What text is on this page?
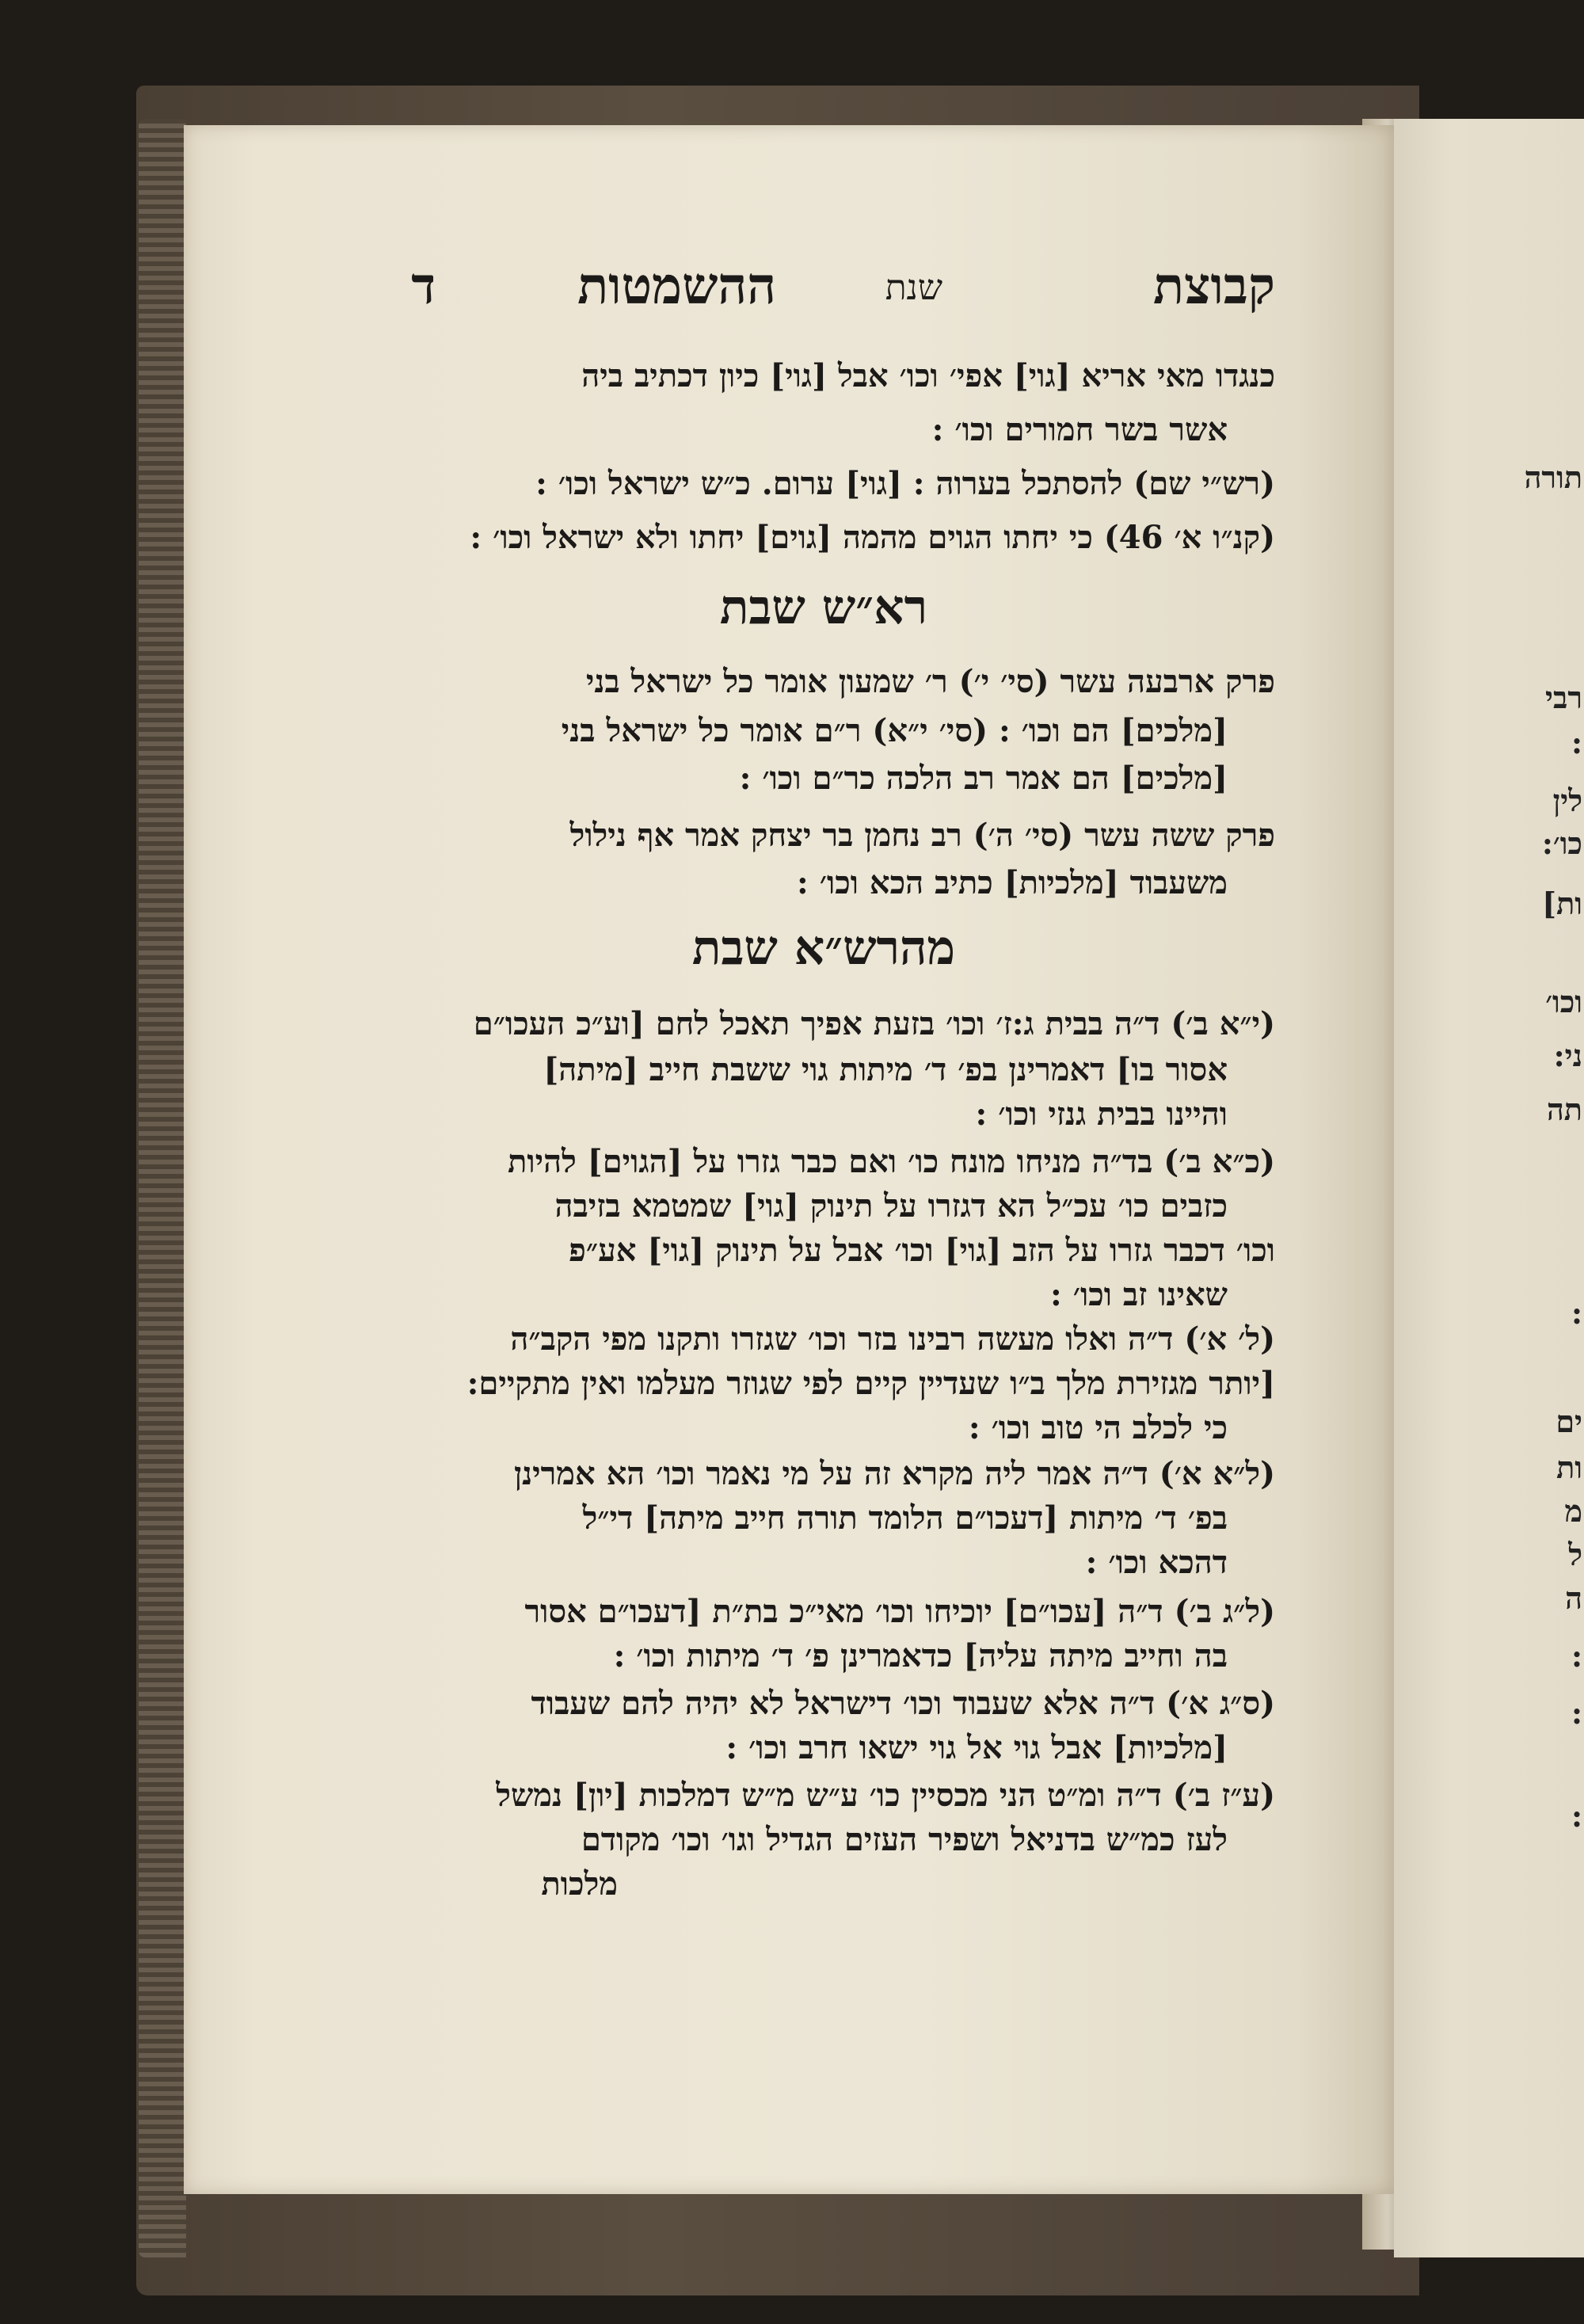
תורה
רבי
:
לין
כו׳:
ות]
וכו׳
ני:
תה
:
ים
ות
מ
ל
ה
:
:
:
קבוצת
שנת
ההשמטות
ד
כנגדו מאי אריא [גוי] אפי׳ וכו׳ אבל [גוי] כיון דכתיב ביה
אשר בשר חמורים וכו׳ :
(רש״י שם) להסתכל בערוה : [גוי] ערום. כ״ש ישראל וכו׳ :
(קנ״ו א׳ 46) כי יחתו הגוים מהמה [גוים] יחתו ולא ישראל וכו׳ :
רא״ש שבת
פרק ארבעה עשר (סי׳ י׳) ר׳ שמעון אומר כל ישראל בני
[מלכים] הם וכו׳ : (סי׳ י״א) ר״ם אומר כל ישראל בני
[מלכים] הם אמר רב הלכה כר״ם וכו׳ :
פרק ששה עשר (סי׳ ה׳) רב נחמן בר יצחק אמר אף נילול
משעבוד [מלכיות] כתיב הכא וכו׳ :
מהרש״א שבת
(י״א ב׳) ד״ה בבית ג:ז׳ וכו׳ בזעת אפיך תאכל לחם [וע״כ העכו״ם
אסור בו] דאמרינן בפ׳ ד׳ מיתות גוי ששבת חייב [מיתה]
והיינו בבית גנזי וכו׳ :
(כ״א ב׳) בד״ה מניחו מונח כו׳ ואם כבר גזרו על [הגוים] להיות
כזבים כו׳ עכ״ל הא דגזרו על תינוק [גוי] שמטמא בזיבה
וכו׳ דכבר גזרו על הזב [גוי] וכו׳ אבל על תינוק [גוי] אע״פ
שאינו זב וכו׳ :
(ל׳ א׳) ד״ה ואלו מעשה רבינו בזר וכו׳ שגזרו ותקנו מפי הקב״ה
[יותר מגזירת מלך ב״ו שעדיין קיים לפי שגוזר מעלמו ואין מתקיים:
כי לכלב הי טוב וכו׳ :
(ל״א א׳) ד״ה אמר ליה מקרא זה על מי נאמר וכו׳ הא אמרינן
בפ׳ ד׳ מיתות [דעכו״ם הלומד תורה חייב מיתה] די״ל
דהכא וכו׳ :
(ל״ג ב׳) ד״ה [עכו״ם] יוכיחו וכו׳ מאי״כ בת״ת [דעכו״ם אסור
בה וחייב מיתה עליה] כדאמרינן פ׳ ד׳ מיתות וכו׳ :
(ס״ג א׳) ד״ה אלא שעבוד וכו׳ דישראל לא יהיה להם שעבוד
[מלכיות] אבל גוי אל גוי ישאו חרב וכו׳ :
(ע״ז ב׳) ד״ה ומ״ט הני מכסיין כו׳ ע״ש מ״ש דמלכות [יון] נמשל
לעז כמ״ש בדניאל ושפיר העזים הגדיל וגו׳ וכו׳ מקודם
מלכות
